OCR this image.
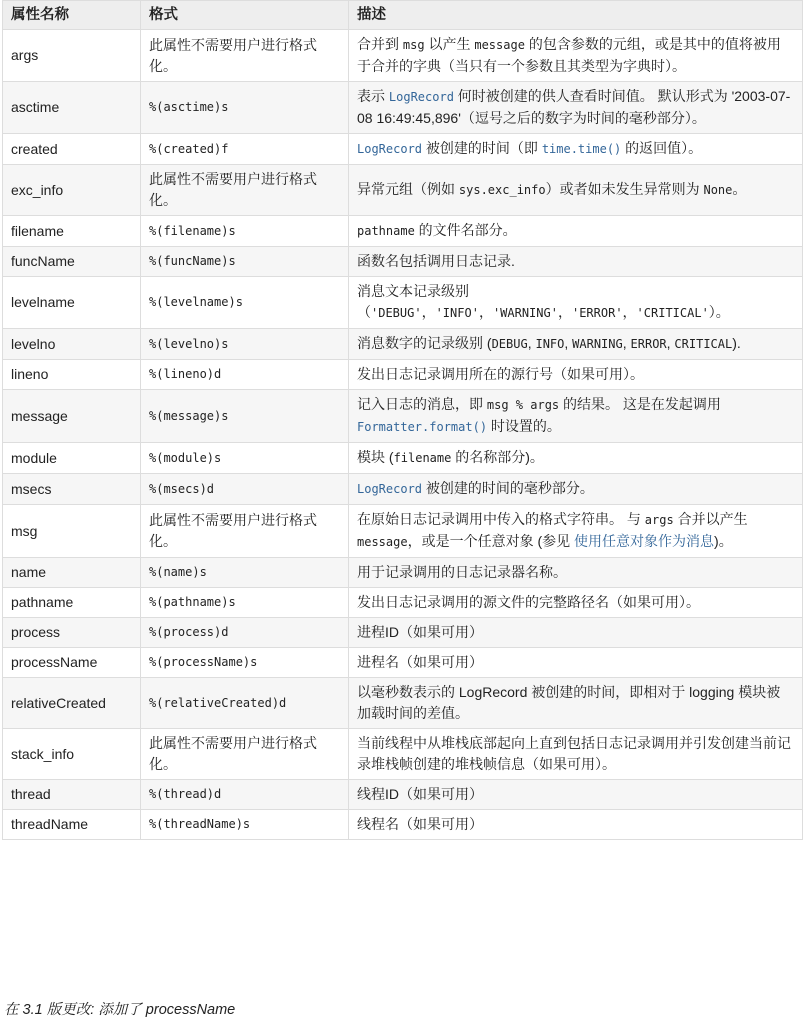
属性名称	格式	描述
args	此属性不需要用户进行格式化。	合并到 msg 以产生 message 的包含参数的元组，或是其中的值将被用于合并的字典（当只有一个参数且其类型为字典时）。
asctime	%(asctime)s	表示 LogRecord 何时被创建的供人查看时间值。 默认形式为 '2003-07-08 16:49:45,896'（逗号之后的数字为时间的毫秒部分）。
created	%(created)f	LogRecord 被创建的时间（即 time.time() 的返回值）。
exc_info	此属性不需要用户进行格式化。	异常元组（例如 sys.exc_info）或者如未发生异常则为 None。
filename	%(filename)s	pathname 的文件名部分。
funcName	%(funcName)s	函数名包括调用日志记录.
levelname	%(levelname)s	消息文本记录级别（'DEBUG'，'INFO'，'WARNING'，'ERROR'，'CRITICAL'）。
levelno	%(levelno)s	消息数字的记录级别 (DEBUG, INFO, WARNING, ERROR, CRITICAL).
lineno	%(lineno)d	发出日志记录调用所在的源行号（如果可用）。
message	%(message)s	记入日志的消息，即 msg % args 的结果。 这是在发起调用 Formatter.format() 时设置的。
module	%(module)s	模块 (filename 的名称部分)。
msecs	%(msecs)d	LogRecord 被创建的时间的毫秒部分。
msg	此属性不需要用户进行格式化。	在原始日志记录调用中传入的格式字符串。 与 args 合并以产生 message，或是一个任意对象 (参见 使用任意对象作为消息)。
name	%(name)s	用于记录调用的日志记录器名称。
pathname	%(pathname)s	发出日志记录调用的源文件的完整路径名（如果可用）。
process	%(process)d	进程ID（如果可用）
processName	%(processName)s	进程名（如果可用）
relativeCreated	%(relativeCreated)d	以毫秒数表示的 LogRecord 被创建的时间，即相对于 logging 模块被加载时间的差值。
stack_info	此属性不需要用户进行格式化。	当前线程中从堆栈底部起向上直到包括日志记录调用并引发创建当前记录堆栈帧创建的堆栈帧信息（如果可用）。
thread	%(thread)d	线程ID（如果可用）
threadName	%(threadName)s	线程名（如果可用）
在 3.1 版更改: 添加了 processName
